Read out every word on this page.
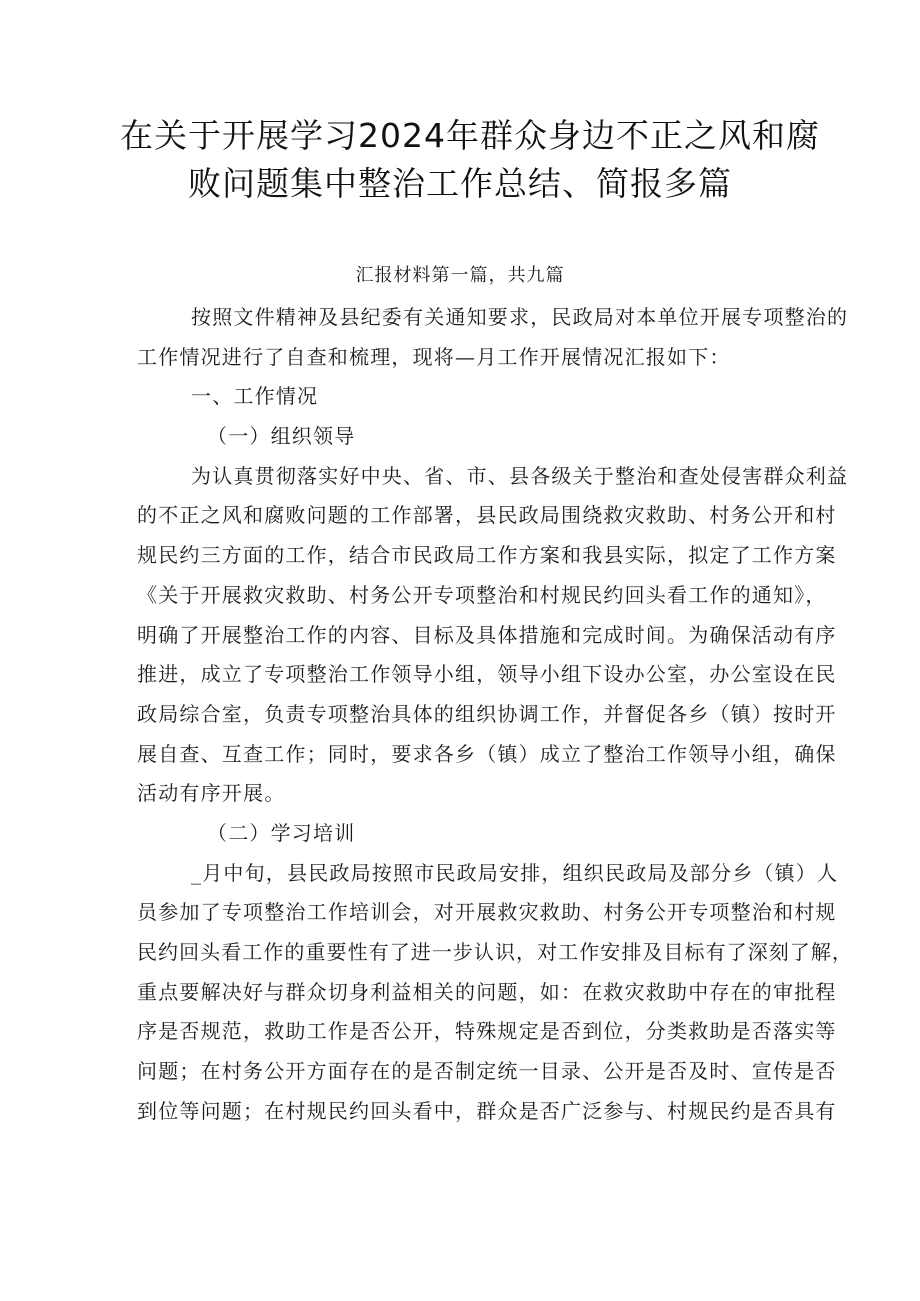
在关于开展学习2024年群众身边不正之风和腐
败问题集中整治工作总结、简报多篇
汇报材料第一篇，共九篇
按照文件精神及县纪委有关通知要求，民政局对本单位开展专项整治的
工作情况进行了自查和梳理，现将—月工作开展情况汇报如下：
一、工作情况
（一）组织领导
为认真贯彻落实好中央、省、市、县各级关于整治和查处侵害群众利益
的不正之风和腐败问题的工作部署，县民政局围绕救灾救助、村务公开和村
规民约三方面的工作，结合市民政局工作方案和我县实际，拟定了工作方案
《关于开展救灾救助、村务公开专项整治和村规民约回头看工作的通知》，
明确了开展整治工作的内容、目标及具体措施和完成时间。为确保活动有序
推进，成立了专项整治工作领导小组，领导小组下设办公室，办公室设在民
政局综合室，负责专项整治具体的组织协调工作，并督促各乡（镇）按时开
展自查、互查工作；同时，要求各乡（镇）成立了整治工作领导小组，确保
活动有序开展。
（二）学习培训
_月中旬，县民政局按照市民政局安排，组织民政局及部分乡（镇）人
员参加了专项整治工作培训会，对开展救灾救助、村务公开专项整治和村规
民约回头看工作的重要性有了进一步认识，对工作安排及目标有了深刻了解，
重点要解决好与群众切身利益相关的问题，如：在救灾救助中存在的审批程
序是否规范，救助工作是否公开，特殊规定是否到位，分类救助是否落实等
问题；在村务公开方面存在的是否制定统一目录、公开是否及时、宣传是否
到位等问题；在村规民约回头看中，群众是否广泛参与、村规民约是否具有
